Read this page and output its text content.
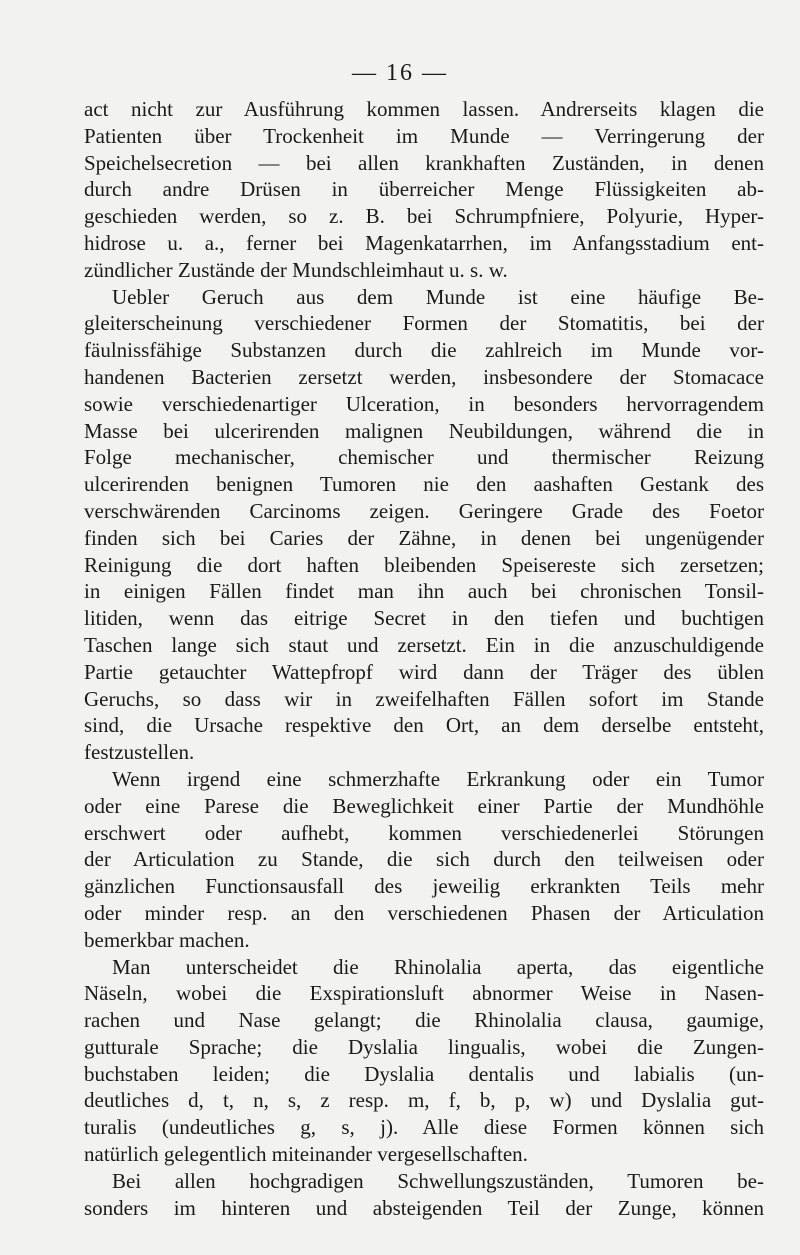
— 16 —
act nicht zur Ausführung kommen lassen. Andrerseits klagen die
Patienten über Trockenheit im Munde — Verringerung der
Speichelsecretion — bei allen krankhaften Zuständen, in denen
durch andre Drüsen in überreicher Menge Flüssigkeiten ab-
geschieden werden, so z. B. bei Schrumpfniere, Polyurie, Hyper-
hidrose u. a., ferner bei Magenkatarrhen, im Anfangsstadium ent-
zündlicher Zustände der Mundschleimhaut u. s. w.
Uebler Geruch aus dem Munde ist eine häufige Be-
gleiterscheinung verschiedener Formen der Stomatitis, bei der
fäulnissfähige Substanzen durch die zahlreich im Munde vor-
handenen Bacterien zersetzt werden, insbesondere der Stomacace
sowie verschiedenartiger Ulceration, in besonders hervorragendem
Masse bei ulcerirenden malignen Neubildungen, während die in
Folge mechanischer, chemischer und thermischer Reizung
ulcerirenden benignen Tumoren nie den aashaften Gestank des
verschwärenden Carcinoms zeigen. Geringere Grade des Foetor
finden sich bei Caries der Zähne, in denen bei ungenügender
Reinigung die dort haften bleibenden Speisereste sich zersetzen;
in einigen Fällen findet man ihn auch bei chronischen Tonsil-
litiden, wenn das eitrige Secret in den tiefen und buchtigen
Taschen lange sich staut und zersetzt. Ein in die anzuschuldigende
Partie getauchter Wattepfropf wird dann der Träger des üblen
Geruchs, so dass wir in zweifelhaften Fällen sofort im Stande
sind, die Ursache respektive den Ort, an dem derselbe entsteht,
festzustellen.
Wenn irgend eine schmerzhafte Erkrankung oder ein Tumor
oder eine Parese die Beweglichkeit einer Partie der Mundhöhle
erschwert oder aufhebt, kommen verschiedenerlei Störungen
der Articulation zu Stande, die sich durch den teilweisen oder
gänzlichen Functionsausfall des jeweilig erkrankten Teils mehr
oder minder resp. an den verschiedenen Phasen der Articulation
bemerkbar machen.
Man unterscheidet die Rhinolalia aperta, das eigentliche
Näseln, wobei die Exspirationsluft abnormer Weise in Nasen-
rachen und Nase gelangt; die Rhinolalia clausa, gaumige,
gutturale Sprache; die Dyslalia lingualis, wobei die Zungen-
buchstaben leiden; die Dyslalia dentalis und labialis (un-
deutliches d, t, n, s, z resp. m, f, b, p, w) und Dyslalia gut-
turalis (undeutliches g, s, j). Alle diese Formen können sich
natürlich gelegentlich miteinander vergesellschaften.
Bei allen hochgradigen Schwellungszuständen, Tumoren be-
sonders im hinteren und absteigenden Teil der Zunge, können
